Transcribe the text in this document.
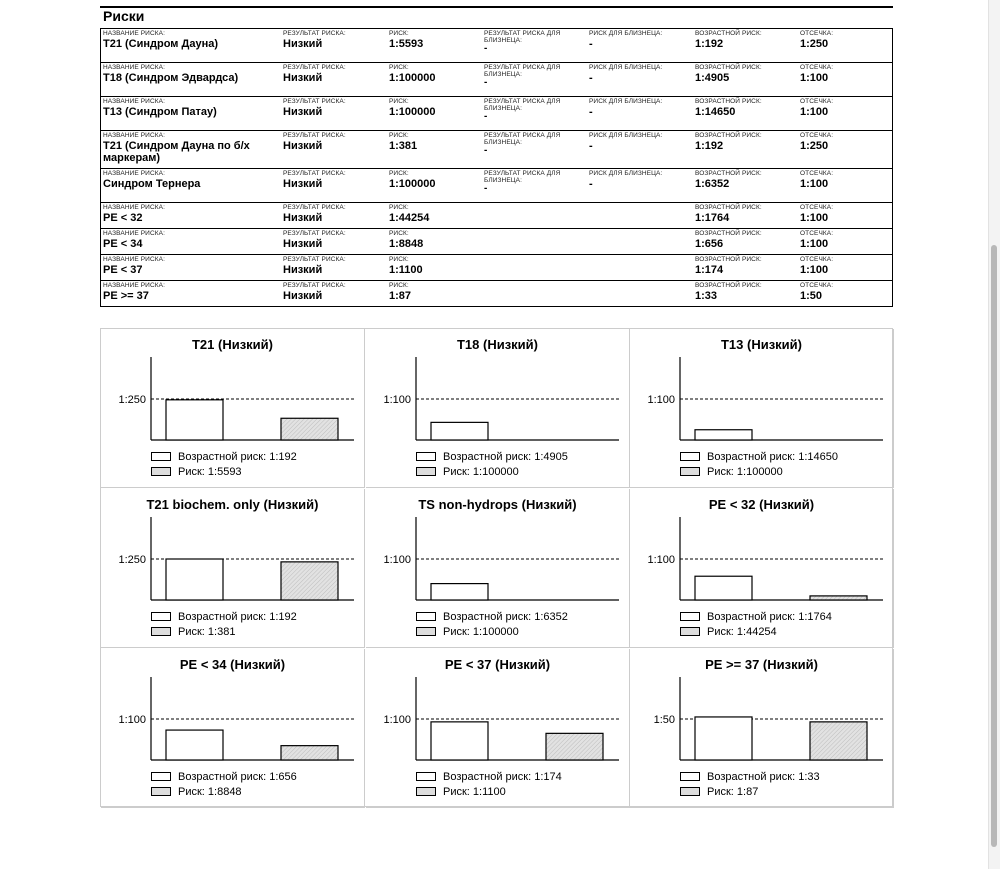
Риски
НАЗВАНИЕ РИСКА:
T21 (Синдром Дауна)
РЕЗУЛЬТАТ РИСКА:
Низкий
РИСК:
1:5593
РЕЗУЛЬТАТ РИСКА ДЛЯ БЛИЗНЕЦА:
-
РИСК ДЛЯ БЛИЗНЕЦА:
-
ВОЗРАСТНОЙ РИСК:
1:192
ОТСЕЧКА:
1:250
НАЗВАНИЕ РИСКА:
T18 (Синдром Эдвардса)
РЕЗУЛЬТАТ РИСКА:
Низкий
РИСК:
1:100000
РЕЗУЛЬТАТ РИСКА ДЛЯ БЛИЗНЕЦА:
-
РИСК ДЛЯ БЛИЗНЕЦА:
-
ВОЗРАСТНОЙ РИСК:
1:4905
ОТСЕЧКА:
1:100
НАЗВАНИЕ РИСКА:
T13 (Синдром Патау)
РЕЗУЛЬТАТ РИСКА:
Низкий
РИСК:
1:100000
РЕЗУЛЬТАТ РИСКА ДЛЯ БЛИЗНЕЦА:
-
РИСК ДЛЯ БЛИЗНЕЦА:
-
ВОЗРАСТНОЙ РИСК:
1:14650
ОТСЕЧКА:
1:100
НАЗВАНИЕ РИСКА:
T21 (Синдром Дауна по б/х маркерам)
РЕЗУЛЬТАТ РИСКА:
Низкий
РИСК:
1:381
РЕЗУЛЬТАТ РИСКА ДЛЯ БЛИЗНЕЦА:
-
РИСК ДЛЯ БЛИЗНЕЦА:
-
ВОЗРАСТНОЙ РИСК:
1:192
ОТСЕЧКА:
1:250
НАЗВАНИЕ РИСКА:
Синдром Тернера
РЕЗУЛЬТАТ РИСКА:
Низкий
РИСК:
1:100000
РЕЗУЛЬТАТ РИСКА ДЛЯ БЛИЗНЕЦА:
-
РИСК ДЛЯ БЛИЗНЕЦА:
-
ВОЗРАСТНОЙ РИСК:
1:6352
ОТСЕЧКА:
1:100
НАЗВАНИЕ РИСКА:
PE < 32
РЕЗУЛЬТАТ РИСКА:
Низкий
РИСК:
1:44254
ВОЗРАСТНОЙ РИСК:
1:1764
ОТСЕЧКА:
1:100
НАЗВАНИЕ РИСКА:
PE < 34
РЕЗУЛЬТАТ РИСКА:
Низкий
РИСК:
1:8848
ВОЗРАСТНОЙ РИСК:
1:656
ОТСЕЧКА:
1:100
НАЗВАНИЕ РИСКА:
PE < 37
РЕЗУЛЬТАТ РИСКА:
Низкий
РИСК:
1:1100
ВОЗРАСТНОЙ РИСК:
1:174
ОТСЕЧКА:
1:100
НАЗВАНИЕ РИСКА:
PE >= 37
РЕЗУЛЬТАТ РИСКА:
Низкий
РИСК:
1:87
ВОЗРАСТНОЙ РИСК:
1:33
ОТСЕЧКА:
1:50
T21 (Низкий)
1:250
Возрастной риск: 1:192
Риск: 1:5593
T18 (Низкий)
1:100
Возрастной риск: 1:4905
Риск: 1:100000
T13 (Низкий)
1:100
Возрастной риск: 1:14650
Риск: 1:100000
T21 biochem. only (Низкий)
1:250
Возрастной риск: 1:192
Риск: 1:381
TS non-hydrops (Низкий)
1:100
Возрастной риск: 1:6352
Риск: 1:100000
PE < 32 (Низкий)
1:100
Возрастной риск: 1:1764
Риск: 1:44254
PE < 34 (Низкий)
1:100
Возрастной риск: 1:656
Риск: 1:8848
PE < 37 (Низкий)
1:100
Возрастной риск: 1:174
Риск: 1:1100
PE >= 37 (Низкий)
1:50
Возрастной риск: 1:33
Риск: 1:87
